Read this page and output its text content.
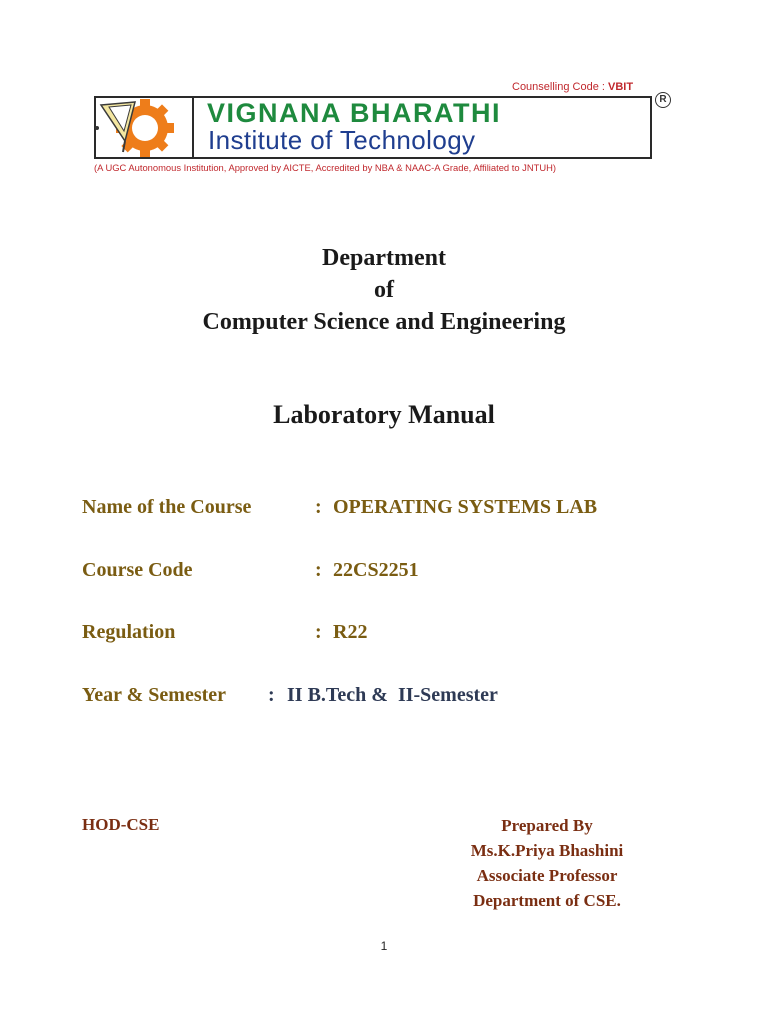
Counselling Code : VBIT
VIGNANA BHARATHI
Institute of Technology
R
(A UGC Autonomous Institution, Approved by AICTE, Accredited by NBA & NAAC-A Grade, Affiliated to JNTUH)
Department
of
Computer Science and Engineering
Laboratory Manual
Name of the Course	: OPERATING SYSTEMS LAB
Course Code	: 22CS2251
Regulation	: R22
Year & Semester : II B.Tech &  II-Semester
HOD-CSE	Prepared By
Ms.K.Priya Bhashini
Associate Professor
Department of CSE.
1
